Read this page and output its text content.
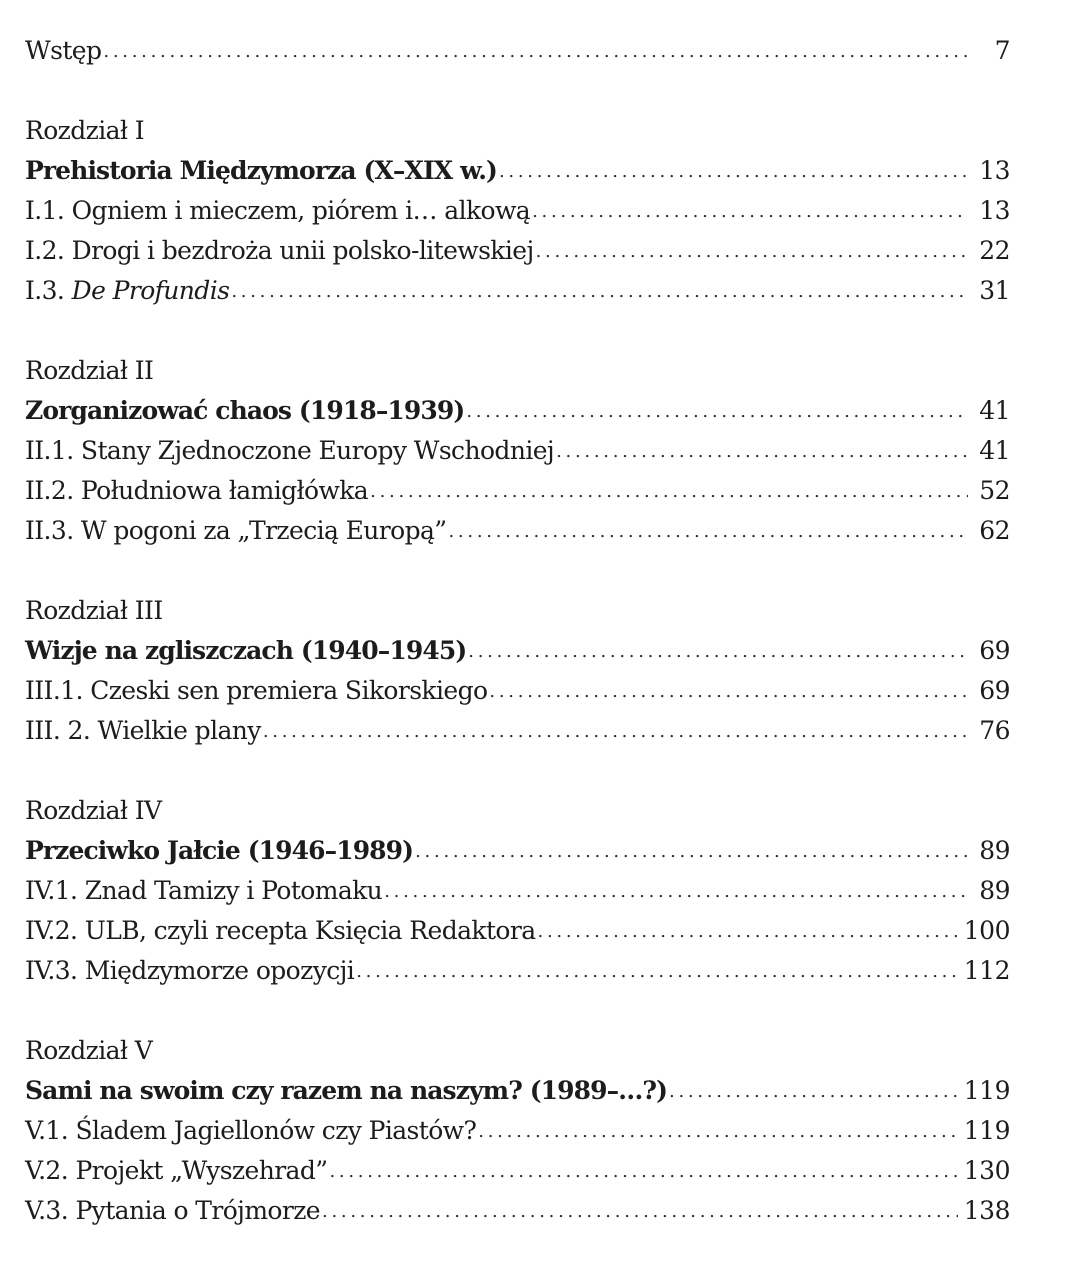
Wstęp . . .	7
Rozdział I
Prehistoria Międzymorza (X–XIX w.) . . .	13
I.1. Ogniem i mieczem, piórem i… alkową . . .	13
I.2. Drogi i bezdroża unii polsko-litewskiej . . .	22
I.3. De Profundis . . .	31
Rozdział II
Zorganizować chaos (1918–1939) . . .	41
II.1. Stany Zjednoczone Europy Wschodniej . . .	41
II.2. Południowa łamigłówka . . .	52
II.3. W pogoni za „Trzecią Europą” . . .	62
Rozdział III
Wizje na zgliszczach (1940–1945) . . .	69
III.1. Czeski sen premiera Sikorskiego . . .	69
III. 2. Wielkie plany . . .	76
Rozdział IV
Przeciwko Jałcie (1946–1989) . . .	89
IV.1. Znad Tamizy i Potomaku . . .	89
IV.2. ULB, czyli recepta Księcia Redaktora . . .	100
IV.3. Międzymorze opozycji . . .	112
Rozdział V
Sami na swoim czy razem na naszym? (1989–…?) . . .	119
V.1. Śladem Jagiellonów czy Piastów? . . .	119
V.2. Projekt „Wyszehrad” . . .	130
V.3. Pytania o Trójmorze . . .	138
